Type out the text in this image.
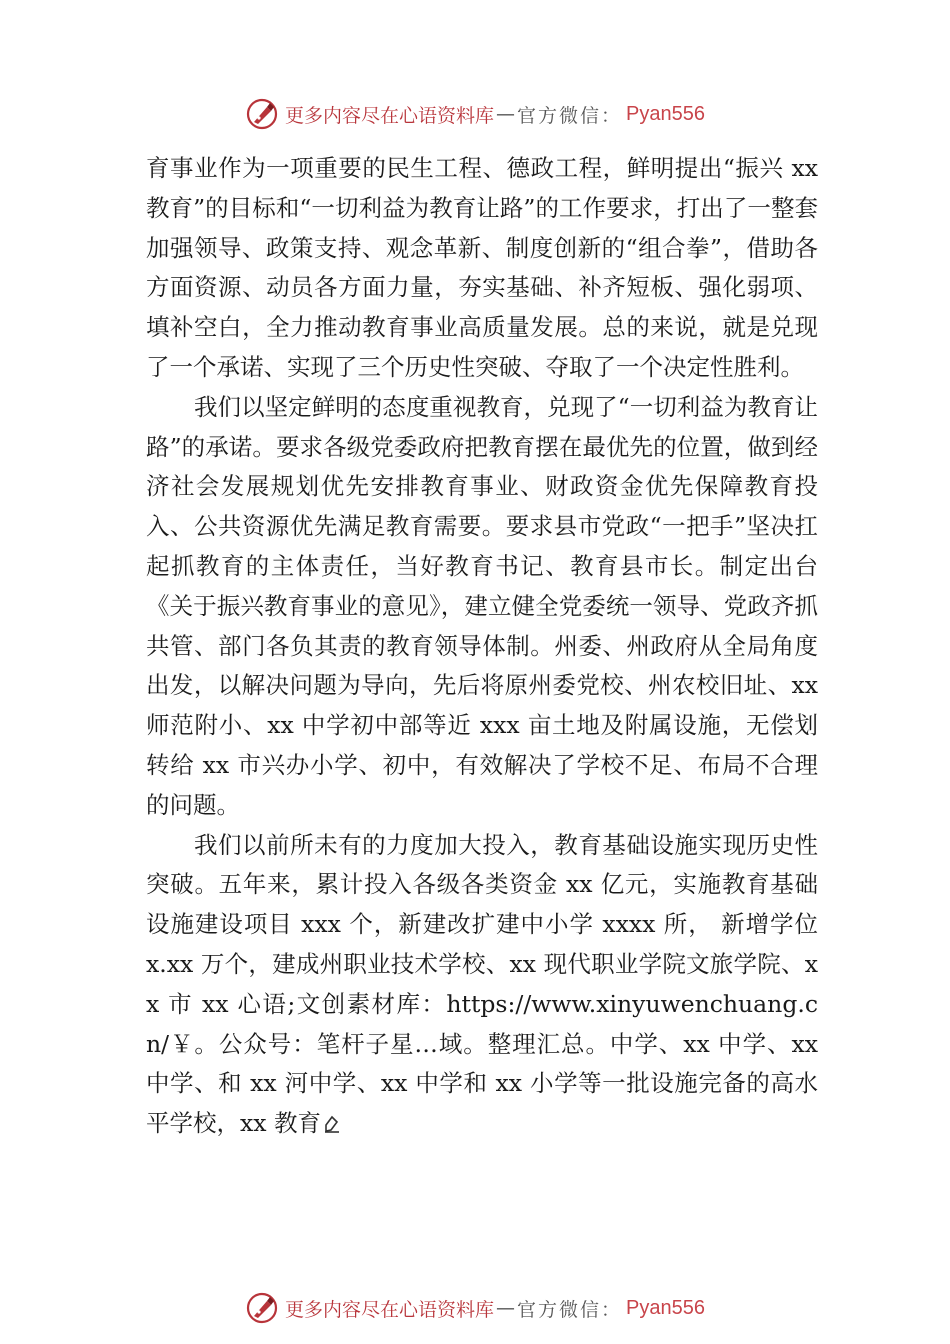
更多内容尽在心语资料库 — 官方微信： Pyan556

育事业作为一项重要的民生工程、德政工程，鲜明提出“振兴 xx 教育”的目标和“一切利益为教育让路”的工作要求，打出了一整套加强领导、政策支持、观念革新、制度创新的“组合拳”，借助各方面资源、动员各方面力量，夯实基础、补齐短板、强化弱项、填补空白，全力推动教育事业高质量发展。总的来说，就是兑现了一个承诺、实现了三个历史性突破、夺取了一个决定性胜利。

我们以坚定鲜明的态度重视教育，兑现了“一切利益为教育让路”的承诺。要求各级党委政府把教育摆在最优先的位置，做到经济社会发展规划优先安排教育事业、财政资金优先保障教育投入、公共资源优先满足教育需要。要求县市党政“一把手”坚决扛起抓教育的主体责任，当好教育书记、教育县市长。制定出台《关于振兴教育事业的意见》，建立健全党委统一领导、党政齐抓共管、部门各负其责的教育领导体制。州委、州政府从全局角度出发，以解决问题为导向，先后将原州委党校、州农校旧址、xx 师范附小、xx 中学初中部等近 xxx 亩土地及附属设施，无偿划转给 xx 市兴办小学、初中，有效解决了学校不足、布局不合理的问题。

我们以前所未有的力度加大投入，教育基础设施实现历史性突破。五年来，累计投入各级各类资金 xx 亿元，实施教育基础设施建设项目 xxx 个，新建改扩建中小学 xxxx 所， 新增学位 x.xx 万个，建成州职业技术学校、xx 现代职业学院文旅学院、xx 市 xx 心语;文创素材库：https://www.xinyuwenchuang.cn/￥。公众号：笔杆子星…域。整理汇总。中学、xx 中学、xx 中学、和 xx 河中学、xx 中学和 xx 小学等一批设施完备的高水平学校，xx 教育

更多内容尽在心语资料库 — 官方微信： Pyan556
